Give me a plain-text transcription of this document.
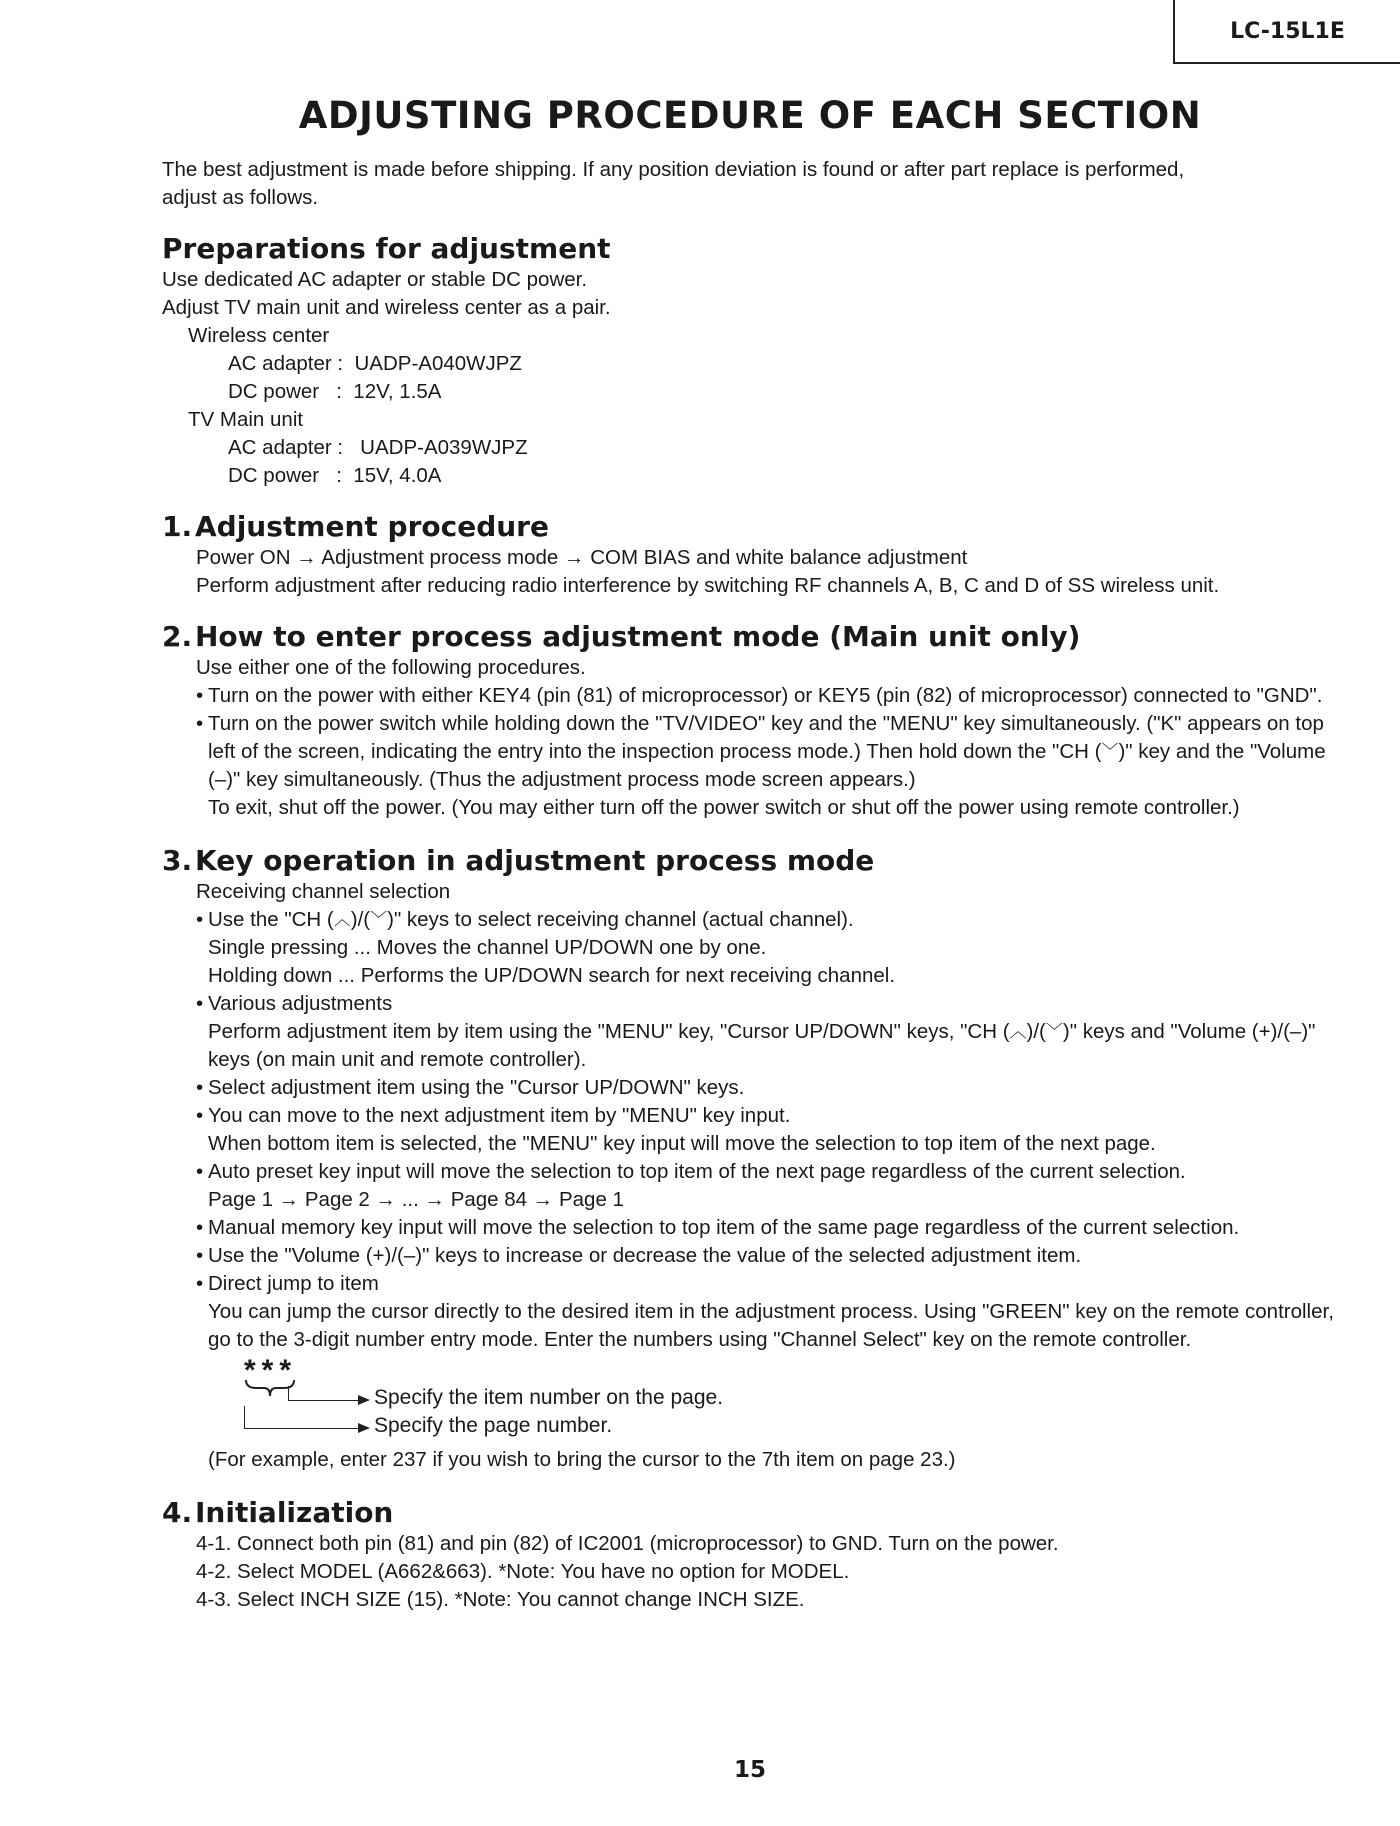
LC-15L1E
ADJUSTING PROCEDURE OF EACH SECTION

The best adjustment is made before shipping. If any position deviation is found or after part replace is performed,

adjust as follows.

Preparations for adjustment

Use dedicated AC adapter or stable DC power.

Adjust TV main unit and wireless center as a pair.

Wireless center

AC adapter :  UADP-A040WJPZ

DC power   :  12V, 1.5A

TV Main unit

AC adapter :   UADP-A039WJPZ

DC power   :  15V, 4.0A

1. Adjustment procedure

Power ON → Adjustment process mode → COM BIAS and white balance adjustment

Perform adjustment after reducing radio interference by switching RF channels A, B, C and D of SS wireless unit.

2. How to enter process adjustment mode (Main unit only)

Use either one of the following procedures.

• Turn on the power with either KEY4 (pin (81) of microprocessor) or KEY5 (pin (82) of microprocessor) connected to "GND".
• Turn on the power switch while holding down the "TV/VIDEO" key and the "MENU" key simultaneously. ("K" appears on top left of the screen, indicating the entry into the inspection process mode.) Then hold down the "CH (﹀)" key and the "Volume (–)" key simultaneously. (Thus the adjustment process mode screen appears.)
To exit, shut off the power. (You may either turn off the power switch or shut off the power using remote controller.)

3. Key operation in adjustment process mode

Receiving channel selection

• Use the "CH (︿)/(﹀)" keys to select receiving channel (actual channel).
Single pressing ... Moves the channel UP/DOWN one by one.
Holding down ... Performs the UP/DOWN search for next receiving channel.
• Various adjustments
Perform adjustment item by item using the "MENU" key, "Cursor UP/DOWN" keys, "CH (︿)/(﹀)" keys and "Volume (+)/(–)" keys (on main unit and remote controller).
• Select adjustment item using the "Cursor UP/DOWN" keys.
• You can move to the next adjustment item by "MENU" key input.
When bottom item is selected, the "MENU" key input will move the selection to top item of the next page.
• Auto preset key input will move the selection to top item of the next page regardless of the current selection.
Page 1 → Page 2 → ... → Page 84 → Page 1
• Manual memory key input will move the selection to top item of the same page regardless of the current selection.
• Use the "Volume (+)/(–)" keys to increase or decrease the value of the selected adjustment item.
• Direct jump to item
You can jump the cursor directly to the desired item in the adjustment process. Using "GREEN" key on the remote controller, go to the 3-digit number entry mode. Enter the numbers using "Channel Select" key on the remote controller.
***
Specify the item number on the page.
Specify the page number.

(For example, enter 237 if you wish to bring the cursor to the 7th item on page 23.)

4. Initialization

4-1. Connect both pin (81) and pin (82) of IC2001 (microprocessor) to GND. Turn on the power.

4-2. Select MODEL (A662&663). *Note: You have no option for MODEL.

4-3. Select INCH SIZE (15). *Note: You cannot change INCH SIZE.

15
